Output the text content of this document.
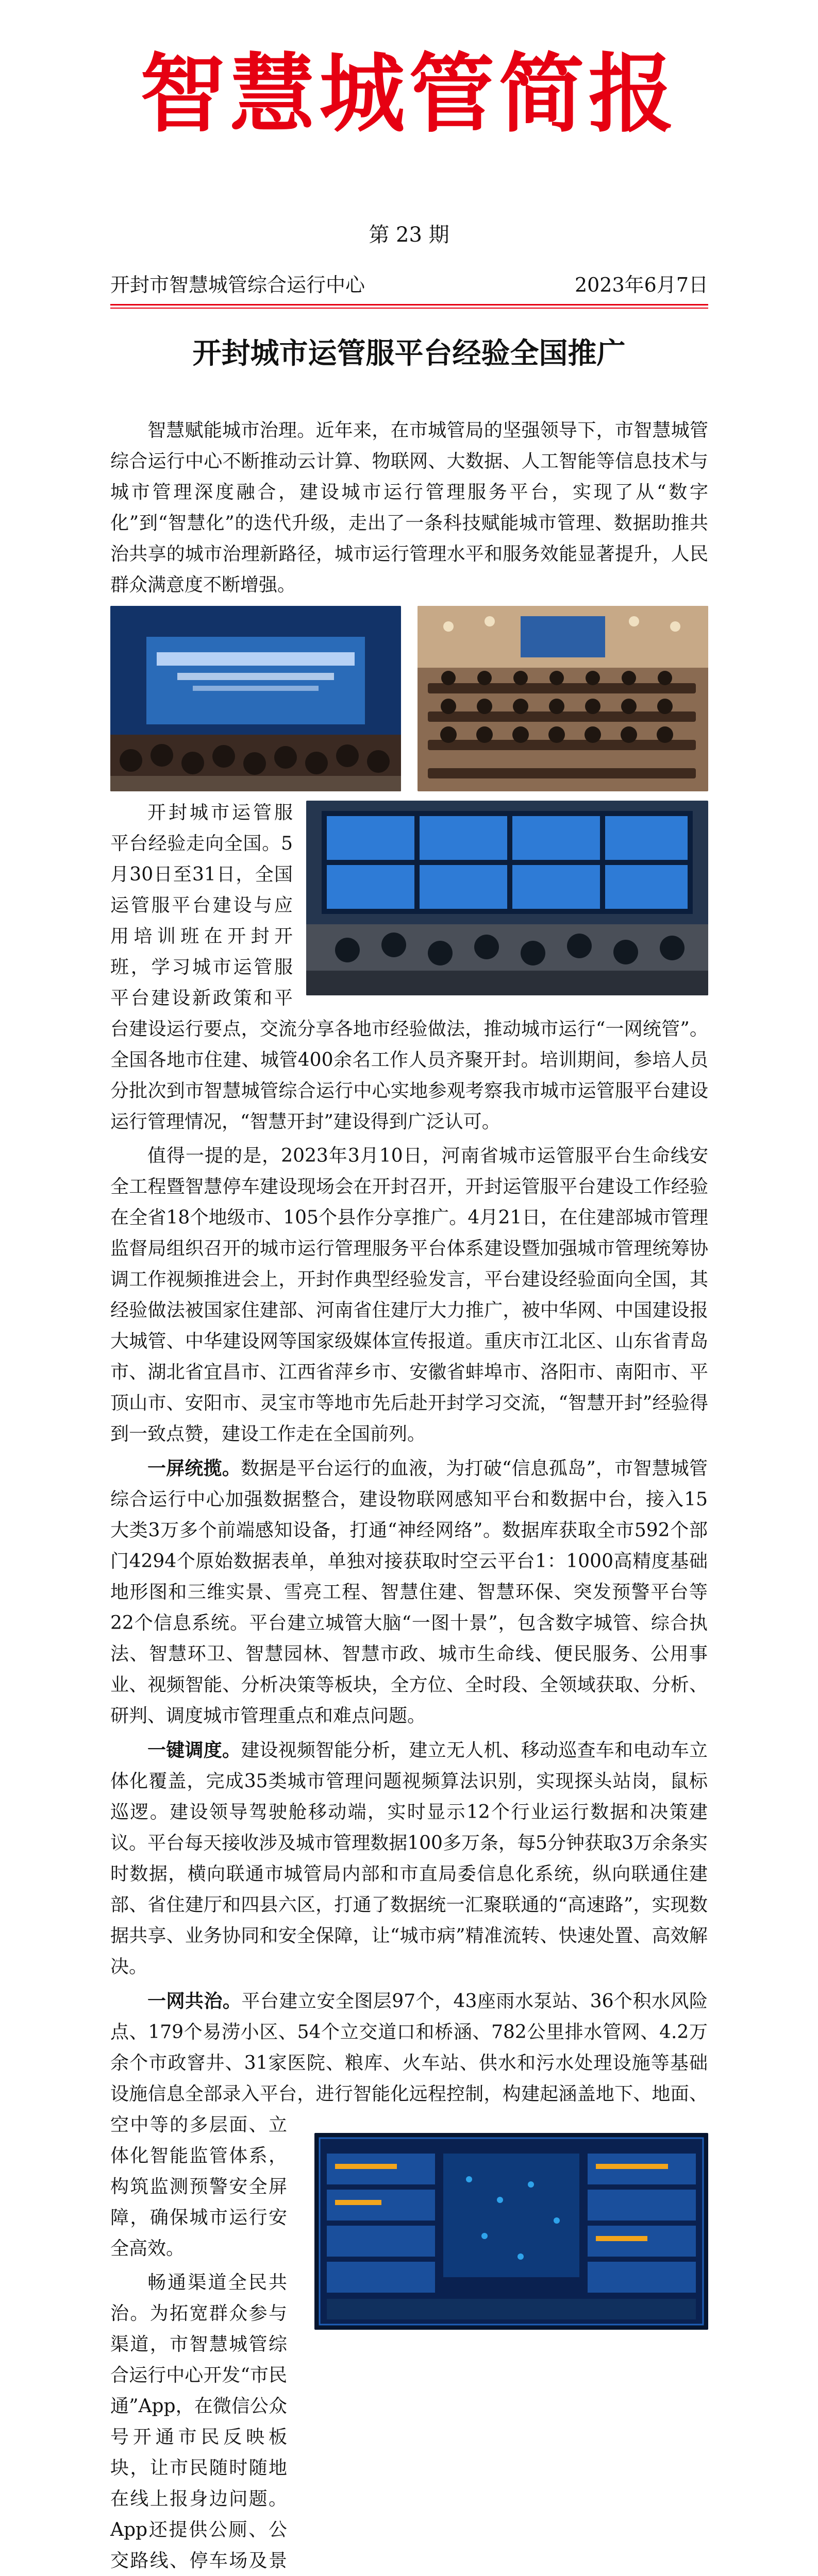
智慧城管简报
第 23 期
开封市智慧城管综合运行中心	2023年6月7日
开封城市运管服平台经验全国推广

智慧赋能城市治理。近年来，在市城管局的坚强领导下，市智慧城管综合运行中心不断推动云计算、物联网、大数据、人工智能等信息技术与城市管理深度融合，建设城市运行管理服务平台，实现了从“数字化”到“智慧化”的迭代升级，走出了一条科技赋能城市管理、数据助推共治共享的城市治理新路径，城市运行管理水平和服务效能显著提升，人民群众满意度不断增强。

开封城市运管服平台经验走向全国。5月30日至31日，全国运管服平台建设与应用培训班在开封开班，学习城市运管服平台建设新政策和平台建设运行要点，交流分享各地市经验做法，推动城市运行“一网统管”。全国各地市住建、城管400余名工作人员齐聚开封。培训期间，参培人员分批次到市智慧城管综合运行中心实地参观考察我市城市运管服平台建设运行管理情况，“智慧开封”建设得到广泛认可。

值得一提的是，2023年3月10日，河南省城市运管服平台生命线安全工程暨智慧停车建设现场会在开封召开，开封运管服平台建设工作经验在全省18个地级市、105个县作分享推广。4月21日，在住建部城市管理监督局组织召开的城市运行管理服务平台体系建设暨加强城市管理统筹协调工作视频推进会上，开封作典型经验发言，平台建设经验面向全国，其经验做法被国家住建部、河南省住建厅大力推广，被中华网、中国建设报大城管、中华建设网等国家级媒体宣传报道。重庆市江北区、山东省青岛市、湖北省宜昌市、江西省萍乡市、安徽省蚌埠市、洛阳市、南阳市、平顶山市、安阳市、灵宝市等地市先后赴开封学习交流，“智慧开封”经验得到一致点赞，建设工作走在全国前列。

一屏统揽。数据是平台运行的血液，为打破“信息孤岛”，市智慧城管综合运行中心加强数据整合，建设物联网感知平台和数据中台，接入15大类3万多个前端感知设备，打通“神经网络”。数据库获取全市592个部门4294个原始数据表单，单独对接获取时空云平台1：1000高精度基础地形图和三维实景、雪亮工程、智慧住建、智慧环保、突发预警平台等22个信息系统。平台建立城管大脑“一图十景”，包含数字城管、综合执法、智慧环卫、智慧园林、智慧市政、城市生命线、便民服务、公用事业、视频智能、分析决策等板块，全方位、全时段、全领域获取、分析、研判、调度城市管理重点和难点问题。

一键调度。建设视频智能分析，建立无人机、移动巡查车和电动车立体化覆盖，完成35类城市管理问题视频算法识别，实现探头站岗，鼠标巡逻。建设领导驾驶舱移动端，实时显示12个行业运行数据和决策建议。平台每天接收涉及城市管理数据100多万条，每5分钟获取3万余条实时数据，横向联通市城管局内部和市直局委信息化系统，纵向联通住建部、省住建厅和四县六区，打通了数据统一汇聚联通的“高速路”，实现数据共享、业务协同和安全保障，让“城市病”精准流转、快速处置、高效解决。

一网共治。平台建立安全图层97个，43座雨水泵站、36个积水风险点、179个易涝小区、54个立交道口和桥涵、782公里排水管网、4.2万余个市政窨井、31家医院、粮库、火车站、供水和污水处理设施等基础设施信息全部录入平台，进行智能化远程控制，构建起涵盖地下、地面、空中等的多层面、立体化智能监管体系，构筑监测预警安全屏障，确保城市运行安全高效。

畅通渠道全民共治。为拓宽群众参与渠道，市智慧城管综合运行中心开发“市民通”App，在微信公众号开通市民反映板块，让市民随时随地在线上报身边问题。App还提供公厕、公交路线、停车场及景
